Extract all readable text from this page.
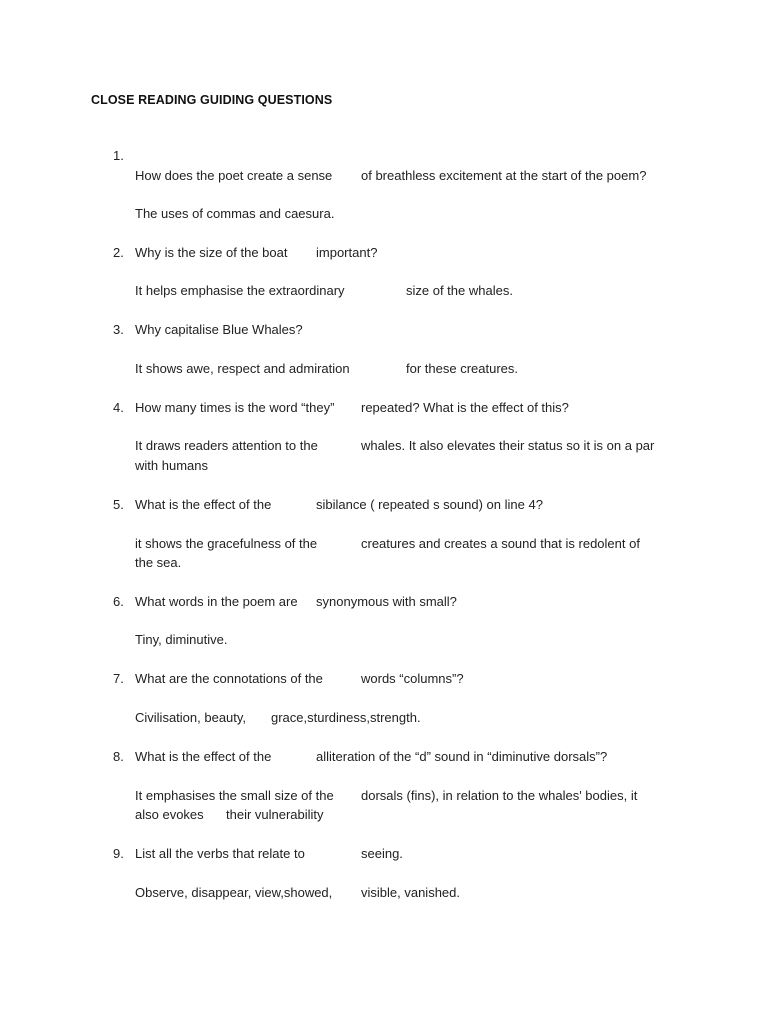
CLOSE READING GUIDING QUESTIONS
1.
How does the poet create a sense of breathless excitement at the start of the poem?
The uses of commas and caesura.
2. Why is the size of the boat important?
It helps emphasise the extraordinary	size of the whales.
3. Why capitalise Blue Whales?
It shows awe, respect and admiration	for these creatures.
4. How many times is the word “they” repeated? What is the effect of this?
It draws readers attention to the	whales. It also elevates their status so it is on a par
with humans
5. What is the effect of the	sibilance ( repeated s sound) on line 4?
it shows the gracefulness of the	creatures and creates a sound that is redolent of
the sea.
6. What words in the poem are synonymous with small?
Tiny, diminutive.
7. What are the connotations of the	words “columns”?
Civilisation, beauty, grace,sturdiness,strength.
8. What is the effect of the	alliteration of the “d” sound in “diminutive dorsals”?
It emphasises the small size of the dorsals (fins), in relation to the whales' bodies, it
also evokes their vulnerability
9. List all the verbs that relate to	seeing.
Observe, disappear, view,showed, visible, vanished.
